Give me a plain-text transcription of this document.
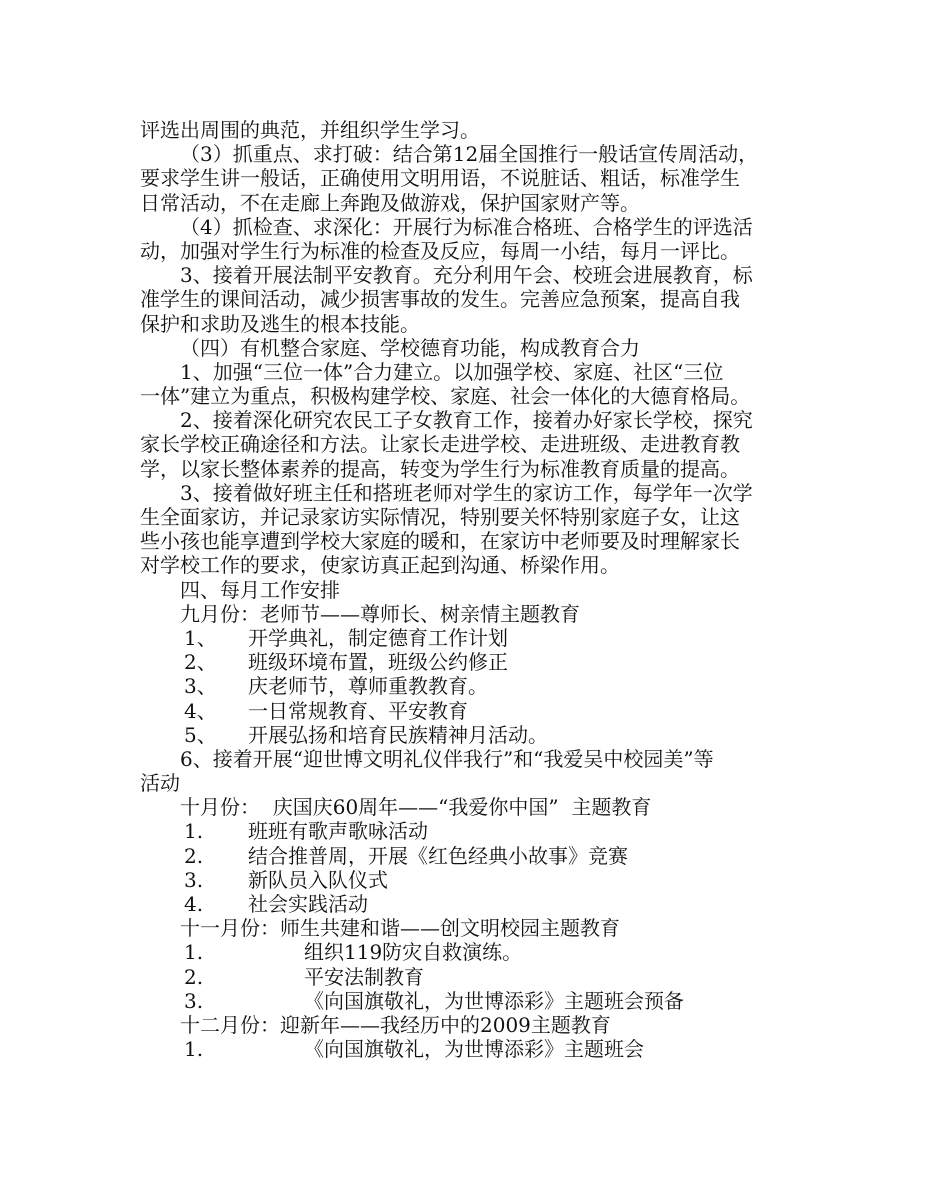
评选出周围的典范，并组织学生学习。
（3）抓重点、求打破：结合第12届全国推行一般话宣传周活动，
要求学生讲一般话，正确使用文明用语，不说脏话、粗话，标准学生
日常活动，不在走廊上奔跑及做游戏，保护国家财产等。
（4）抓检查、求深化：开展行为标准合格班、合格学生的评选活
动，加强对学生行为标准的检查及反应，每周一小结，每月一评比。
3、接着开展法制平安教育。充分利用午会、校班会进展教育，标
准学生的课间活动，减少损害事故的发生。完善应急预案，提高自我
保护和求助及逃生的根本技能。
（四）有机整合家庭、学校德育功能，构成教育合力
1、加强“三位一体”合力建立。以加强学校、家庭、社区“三位
一体”建立为重点，积极构建学校、家庭、社会一体化的大德育格局。
2、接着深化研究农民工子女教育工作，接着办好家长学校，探究
家长学校正确途径和方法。让家长走进学校、走进班级、走进教育教
学，以家长整体素养的提高，转变为学生行为标准教育质量的提高。
3、接着做好班主任和搭班老师对学生的家访工作，每学年一次学
生全面家访，并记录家访实际情况，特别要关怀特别家庭子女，让这
些小孩也能享遭到学校大家庭的暖和，在家访中老师要及时理解家长
对学校工作的要求，使家访真正起到沟通、桥梁作用。
四、每月工作安排
九月份：老师节——尊师长、树亲情主题教育
1、 开学典礼，制定德育工作计划
2、 班级环境布置，班级公约修正
3、 庆老师节，尊师重教教育。
4、 一日常规教育、平安教育
5、 开展弘扬和培育民族精神月活动。
6、接着开展“迎世博文明礼仪伴我行”和“我爱吴中校园美”等
活动
十月份：  庆国庆60周年——“我爱你中国”  主题教育
1. 班班有歌声歌咏活动
2. 结合推普周，开展《红色经典小故事》竞赛
3. 新队员入队仪式
4. 社会实践活动
十一月份：师生共建和谐——创文明校园主题教育
1.	组织119防灾自救演练。
2.	平安法制教育
3.	《向国旗敬礼，为世博添彩》主题班会预备
十二月份：迎新年——我经历中的2009主题教育
1.	《向国旗敬礼，为世博添彩》主题班会
